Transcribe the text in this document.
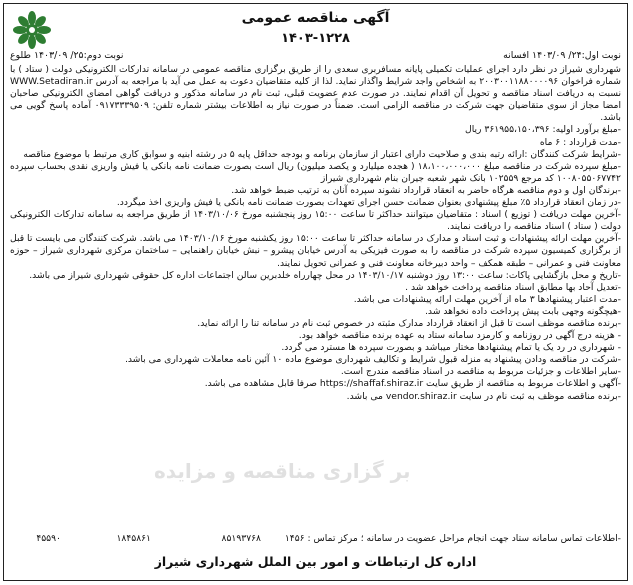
آگهی مناقصه عمومی
۱۴۰۳-۱۲۲۸
نوبت اول:۲۴/ ۱۴۰۳/۰۹ افسانه
نوبت دوم:۲۵/ ۱۴۰۳/۰۹ طلوع

شهرداری شیراز در نظر دارد اجرای عملیات تکمیلی پایانه مسافربری سعدی را از طریق برگزاری مناقصه عمومی در سامانه تدارکات الکترونیکی دولت ( ستاد ) با شماره فراخوان ۲۰۰۳۰۰۱۱۸۸۰۰۰۰۹۶ به اشخاص واجد شرایط واگذار نماید. لذا از کلیه متقاضیان دعوت به عمل می آید با مراجعه به آدرس WWW.Setadiran.ir نسبت به دریافت اسناد مناقصه و تحویل آن اقدام نمایند. در صورت عدم عضویت قبلی، ثبت نام در سامانه مذکور و دریافت گواهی امضای الکترونیکی صاحبان امضا مجاز از سوی متقاضیان جهت شرکت در مناقصه الزامی است. ضمناً در صورت نیاز به اطلاعات بیشتر شماره تلفن: ۰۹۱۷۳۳۳۹۵۰۹ آماده پاسخ گویی می باشد.

-مبلغ برآورد اولیه: ۳۶۱۹۵۵،۱۵۰،۳۹۶ ریال

-مدت قرارداد : ۶ ماه

-شرایط شرکت کنندگان :ارائه رتبه بندی و صلاحیت دارای اعتبار از سازمان برنامه و بودجه حداقل پایه ۵ در رشته ابنیه و سوابق کاری مرتبط با موضوع مناقصه

-مبلغ سپرده شرکت در مناقصه مبلغ ۱۸،۱۰۰،۰۰۰،۰۰۰ ( هجده میلیارد و یکصد میلیون) ریال است بصورت ضمانت نامه بانکی یا فیش واریزی نقدی بحساب سپرده ۱۰۰۸۰۵۵۰۶۷۷۴۲ کد مرجع ۱۰۲۵۵۹ بانک شهر شعبه جیران بنام شهرداری شیراز

-برندگان اول و دوم مناقصه هرگاه حاضر به انعقاد قرارداد نشوند سپرده آنان به ترتیب ضبط خواهد شد.

-در زمان انعقاد قرارداد ۵٪ مبلغ پیشنهادی بعنوان ضمانت حسن اجرای تعهدات بصورت ضمانت نامه بانکی یا فیش واریزی اخذ میگردد.

-آخرین مهلت دریافت ( توزیع ) اسناد : متقاضیان میتوانند حداکثر تا ساعت ۱۵:۰۰ روز پنجشنبه مورخ ۱۴۰۳/۱۰/۰۶ از طریق مراجعه به سامانه تدارکات الکترونیکی دولت ( ستاد ) اسناد مناقصه را دریافت نمایند.

-آخرین مهلت ارائه پیشنهادات و ثبت اسناد و مدارک در سامانه حداکثر تا ساعت ۱۵:۰۰ روز یکشنبه مورخ ۱۴۰۳/۱۰/۱۶ می باشد. شرکت کنندگان می بایست تا قبل از برگزاری کمیسیون سپرده شرکت در مناقصه را به صورت فیزیکی به آدرس خیابان پیشرو – نبش خیابان راهنمایی – ساختمان مرکزی شهرداری شیراز – حوزه معاونت فنی و عمرانی – طبقه همکف – واحد دبیرخانه معاونت فنی و عمرانی تحویل نمایند.

-تاریخ و محل بازگشایی پاکات: ساعت ۱۳:۰۰ روز دوشنبه ۱۴۰۳/۱۰/۱۷ در محل چهارراه خلدبرین سالن اجتماعات اداره کل حقوقی شهرداری شیراز می باشد.

-تعدیل آحاد بها مطابق اسناد مناقصه پرداخت خواهد شد .

-مدت اعتبار پیشنهادها ۳ ماه از آخرین مهلت ارائه پیشنهادات می باشد.

-هیچگونه وجهی بابت پیش پرداخت داده نخواهد شد.

-برنده مناقصه موظف است تا قبل از انعقاد قرارداد مدارک مثبته در خصوص ثبت نام در سامانه تنا را ارائه نماید.

- هزینه درج آگهی در روزنامه و کارمزد سامانه ستاد به عهده برنده مناقصه خواهد بود.

- شهرداری در رد یک یا تمام پیشنهادها مختار میباشد و بصورت سپرده ها مسترد می گردد.

-شرکت در مناقصه ودادن پیشنهاد به منزله قبول شرایط و تکالیف شهرداری موضوع ماده ۱۰ آئین نامه معاملات شهرداری می باشد.

-سایر اطلاعات و جزئیات مربوط به مناقصه در اسناد مناقصه مندرج است.

-آگهی و اطلاعات مربوط به مناقصه از طریق سایت https://shaffaf.shiraz.ir صرفا قابل مشاهده می باشد.

-برنده مناقصه موظف به ثبت نام در سایت vendor.shiraz.ir می باشد.

بر گزاری مناقصه و مزایده
-اطلاعات تماس سامانه ستاد جهت انجام مراحل عضویت در سامانه ؛ مرکز تماس : ۱۴۵۶
۸۵۱۹۳۷۶۸
۱۸۴۵۸۶۱
۴۵۵۹۰
اداره کل ارتباطات و امور بین الملل شهرداری شیراز
